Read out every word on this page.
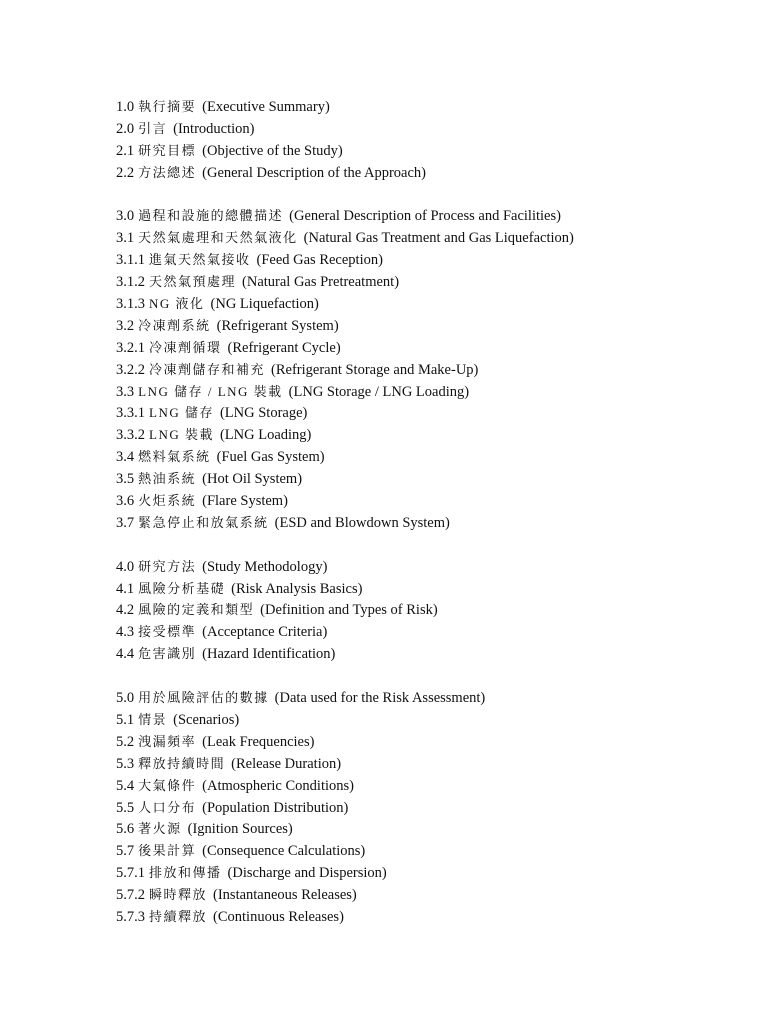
1.0 執行摘要 (Executive Summary)
2.0 引言 (Introduction)
2.1 研究目標 (Objective of the Study)
2.2 方法總述 (General Description of the Approach)
3.0 過程和設施的總體描述 (General Description of Process and Facilities)
3.1 天然氣處理和天然氣液化 (Natural Gas Treatment and Gas Liquefaction)
3.1.1 進氣天然氣接收 (Feed Gas Reception)
3.1.2 天然氣預處理 (Natural Gas Pretreatment)
3.1.3 NG 液化 (NG Liquefaction)
3.2 冷凍劑系統 (Refrigerant System)
3.2.1 冷凍劑循環 (Refrigerant Cycle)
3.2.2 冷凍劑儲存和補充 (Refrigerant Storage and Make-Up)
3.3 LNG 儲存 / LNG 裝載 (LNG Storage / LNG Loading)
3.3.1 LNG 儲存 (LNG Storage)
3.3.2 LNG 裝載 (LNG Loading)
3.4 燃料氣系統 (Fuel Gas System)
3.5 熱油系統 (Hot Oil System)
3.6 火炬系統 (Flare System)
3.7 緊急停止和放氣系統 (ESD and Blowdown System)
4.0 研究方法 (Study Methodology)
4.1 風險分析基礎 (Risk Analysis Basics)
4.2 風險的定義和類型 (Definition and Types of Risk)
4.3 接受標準 (Acceptance Criteria)
4.4 危害識別 (Hazard Identification)
5.0 用於風險評估的數據 (Data used for the Risk Assessment)
5.1 情景 (Scenarios)
5.2 洩漏頻率 (Leak Frequencies)
5.3 釋放持續時間 (Release Duration)
5.4 大氣條件 (Atmospheric Conditions)
5.5 人口分布 (Population Distribution)
5.6 著火源 (Ignition Sources)
5.7 後果計算 (Consequence Calculations)
5.7.1 排放和傳播 (Discharge and Dispersion)
5.7.2 瞬時釋放 (Instantaneous Releases)
5.7.3 持續釋放 (Continuous Releases)
